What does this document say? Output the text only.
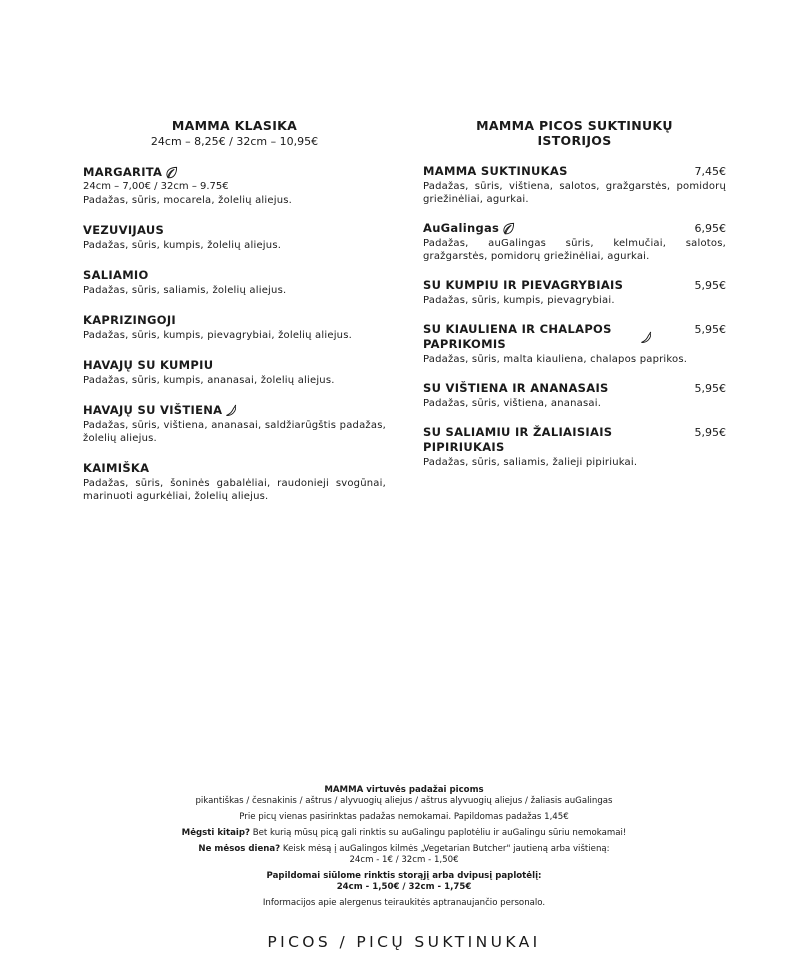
MAMMA KLASIKA
24cm – 8,25€ / 32cm – 10,95€
MARGARITA
24cm – 7,00€ / 32cm – 9.75€
Padažas, sūris, mocarela, žolelių aliejus.
VEZUVIJAUS
Padažas, sūris, kumpis, žolelių aliejus.
SALIAMIO
Padažas, sūris, saliamis, žolelių aliejus.
KAPRIZINGOJI
Padažas, sūris, kumpis, pievagrybiai, žolelių aliejus.
HAVAJŲ SU KUMPIU
Padažas, sūris, kumpis, ananasai, žolelių aliejus.
HAVAJŲ SU VIŠTIENA
Padažas, sūris, vištiena, ananasai, saldžiarūgštis padažas, žolelių aliejus.
KAIMIŠKA
Padažas, sūris, šoninės gabalėliai, raudonieji svogūnai, marinuoti agurkėliai, žolelių aliejus.
MAMMA PICOS SUKTINUKŲ ISTORIJOS
MAMMA SUKTINUKAS	7,45€
Padažas, sūris, vištiena, salotos, gražgarstės, pomidorų griežinėliai, agurkai.
AuGalingas	6,95€
Padažas, auGalingas sūris, kelmučiai, salotos, gražgarstės, pomidorų griežinėliai, agurkai.
SU KUMPIU IR PIEVAGRYBIAIS	5,95€
Padažas, sūris, kumpis, pievagrybiai.
SU KIAULIENA IR CHALAPOS PAPRIKOMIS
5,95€
Padažas, sūris, malta kiauliena, chalapos paprikos.
SU VIŠTIENA IR ANANASAIS	5,95€
Padažas, sūris, vištiena, ananasai.
SU SALIAMIU IR ŽALIAISIAIS PIPIRIUKAIS
5,95€
Padažas, sūris, saliamis, žalieji pipiriukai.

MAMMA virtuvės padažai picoms

pikantiškas / česnakinis / aštrus / alyvuogių aliejus / aštrus alyvuogių aliejus / žaliasis auGalingas

Prie picų vienas pasirinktas padažas nemokamai. Papildomas padažas 1,45€

Mėgsti kitaip? Bet kurią mūsų picą gali rinktis su auGalingu paplotėliu ir auGalingu sūriu nemokamai!

Ne mėsos diena? Keisk mėsą į auGalingos kilmės „Vegetarian Butcher" jautieną arba vištieną:

24cm - 1€ / 32cm - 1,50€

Papildomai siūlome rinktis storąjį arba dvipusį paplotėlį:

24cm - 1,50€ / 32cm - 1,75€

Informacijos apie alergenus teiraukitės aptranaujančio personalo.

PICOS / PICŲ SUKTINUKAI
